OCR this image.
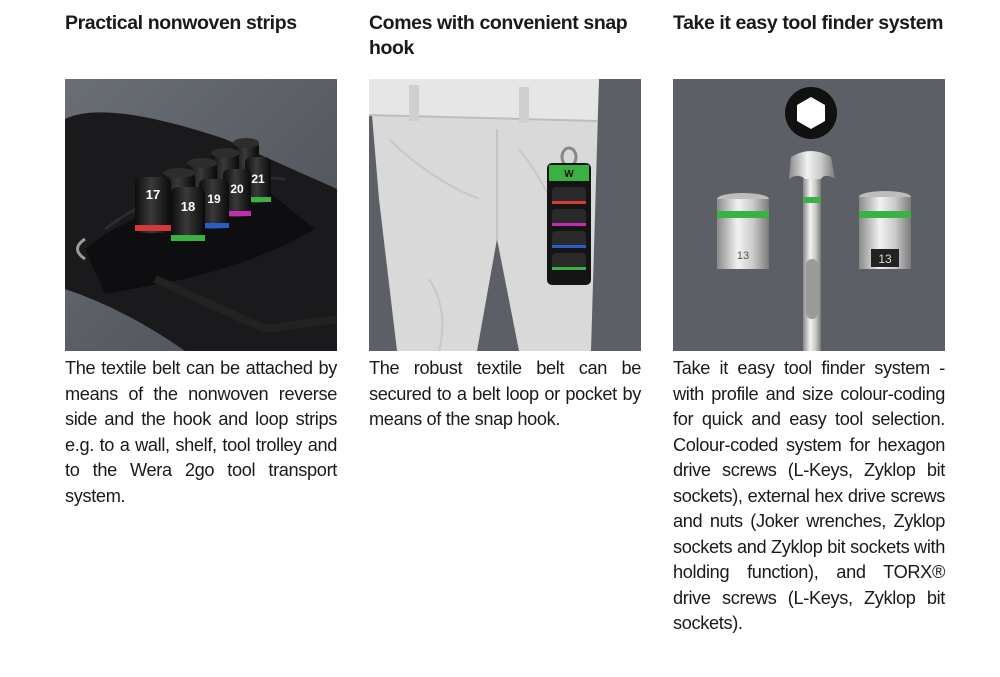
Practical nonwoven strips
21
20
19
18
17

The textile belt can be attached by means of the nonwoven reverse side and the hook and loop strips e.g. to a wall, shelf, tool trolley and to the Wera 2go tool transport system.

Comes with convenient snap hook
W

The robust textile belt can be secured to a belt loop or pocket by means of the snap hook.

Take it easy tool finder system
13	13

Take it easy tool finder system - with profile and size colour-coding for quick and easy tool selection. Colour-coded system for hexagon drive screws (L-Keys, Zyklop bit sockets), external hex drive screws and nuts (Joker wrenches, Zyklop sockets and Zyklop bit sockets with holding function), and TORX® drive screws (L-Keys, Zyklop bit sockets).
